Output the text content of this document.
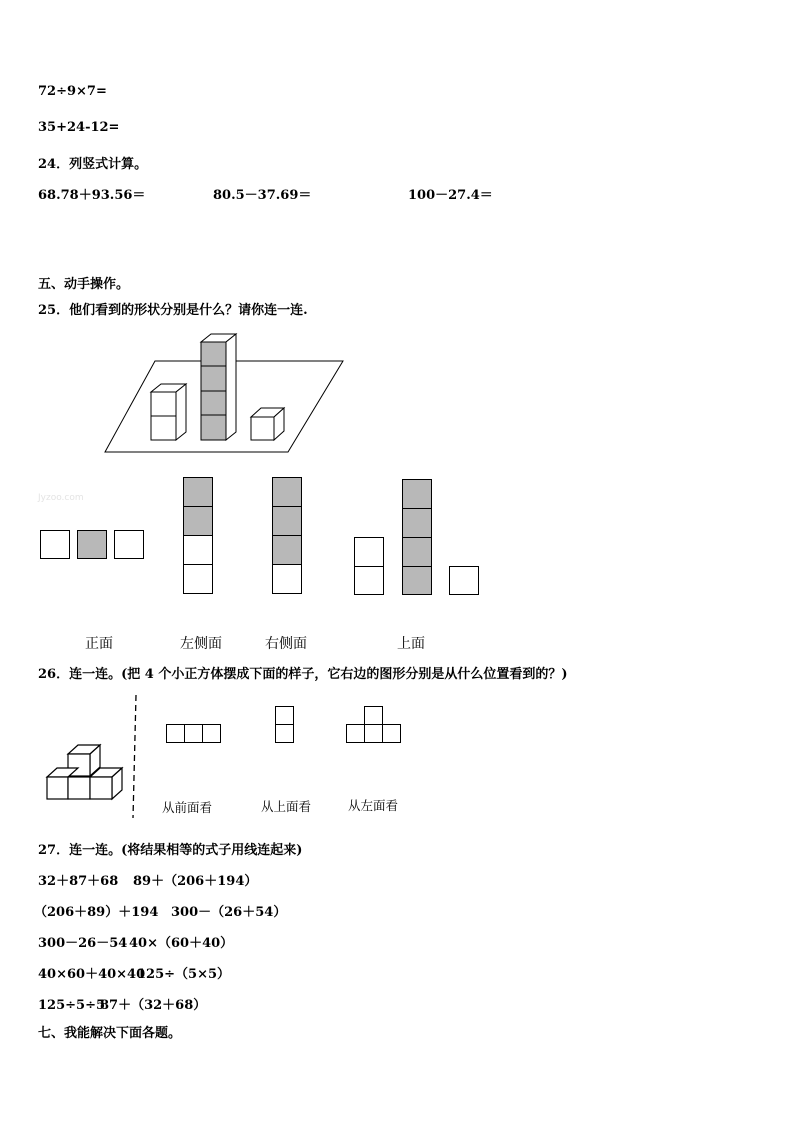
72÷9×7=
35+24-12=
24．列竖式计算。
68.78＋93.56＝	80.5－37.69＝	100－27.4＝
五、动手操作。
25．他们看到的形状分别是什么？请你连一连.
Jyzoo.com
正面	左侧面	右侧面	上面
26．连一连。(把 4 个小正方体摆成下面的样子，它右边的图形分别是从什么位置看到的？)
从前面看	从上面看	从左面看
27．连一连。(将结果相等的式子用线连起来)
32＋87＋68 89＋（206＋194）
（206＋89）＋194 300－（26＋54）
300－26－54 40×（60＋40）
40×60＋40×40
125÷（5×5）
125÷5÷5
87＋（32＋68）
七、我能解决下面各题。
